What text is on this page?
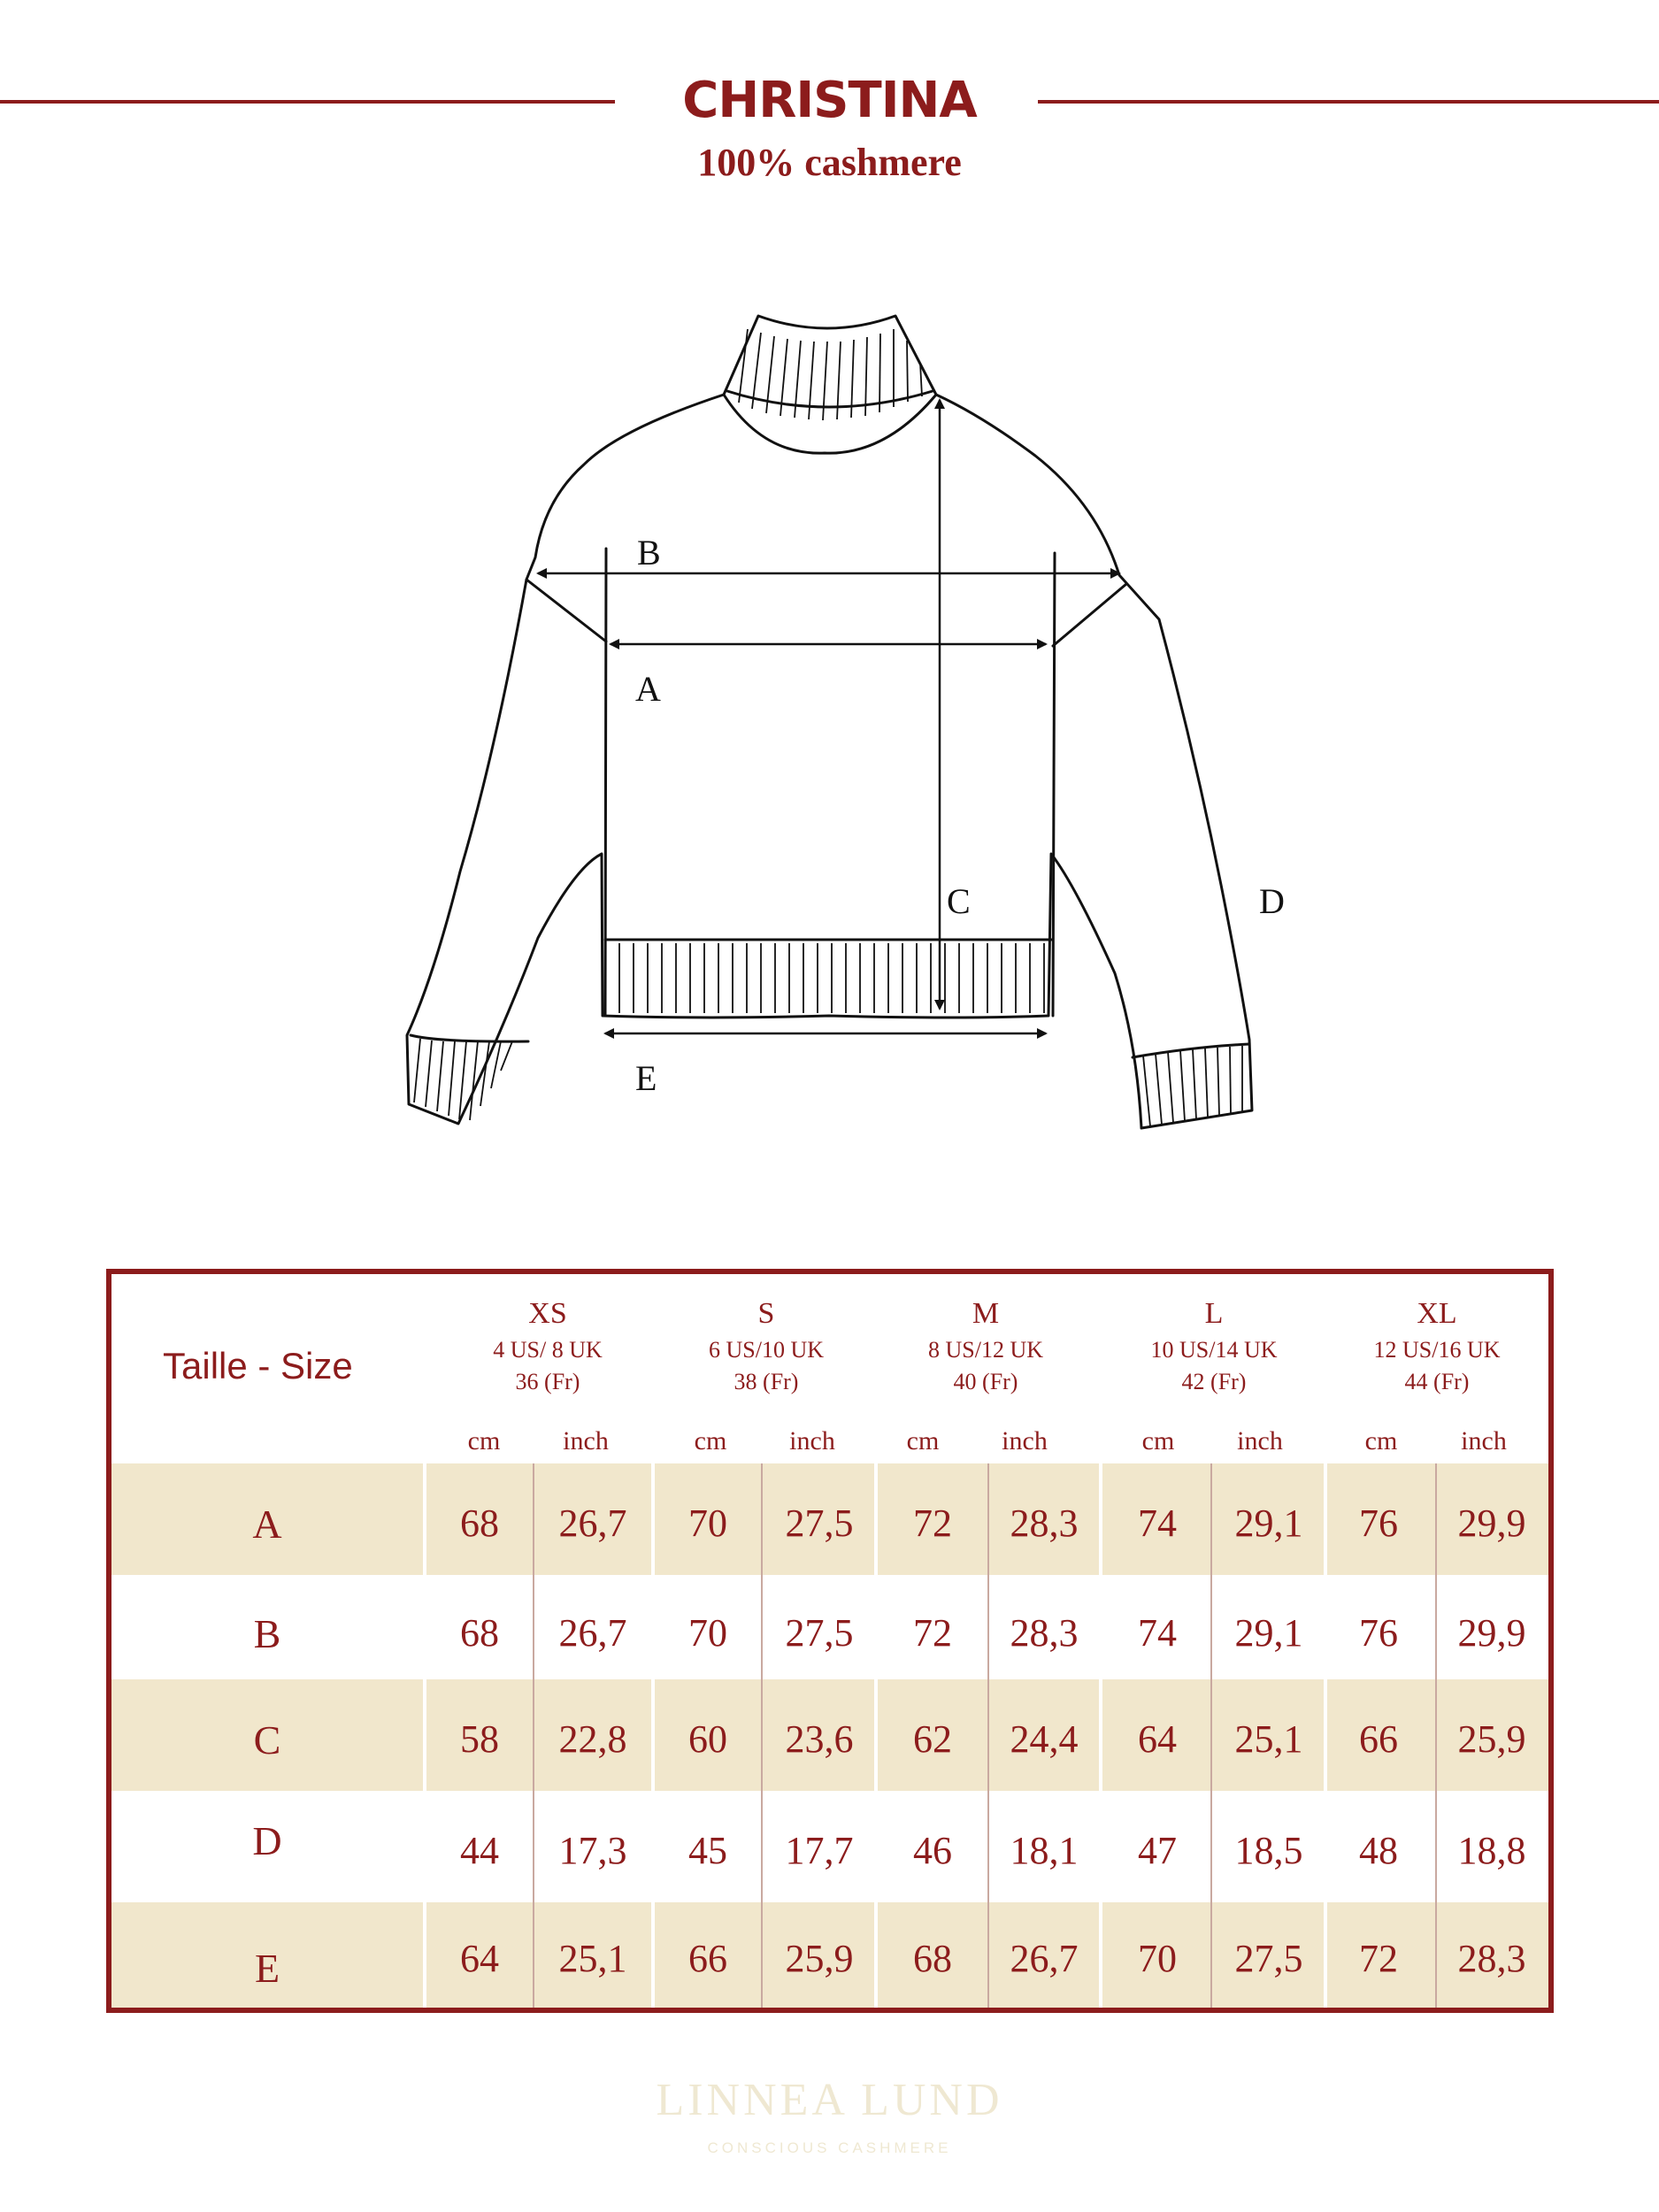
CHRISTINA
100% cashmere
B
A
C	D
E
Taille - Size
XS
4 US/ 8 UK
36 (Fr)
S
6 US/10 UK
38 (Fr)
M
8 US/12 UK
40 (Fr)
L
10 US/14 UK
42 (Fr)
XL
12 US/16 UK
44 (Fr)
cm	inch	cm	inch	cm	inch	cm	inch	cm	inch
A	68	26,7	70	27,5	72	28,3	74	29,1	76	29,9
B	68	26,7	70	27,5	72	28,3	74	29,1	76	29,9
C	58	22,8	60	23,6	62	24,4	64	25,1	66	25,9
D	44	17,3	45	17,7	46	18,1	47	18,5	48	18,8
E	64	25,1	66	25,9	68	26,7	70	27,5	72	28,3
LINNEA LUND
CONSCIOUS CASHMERE
